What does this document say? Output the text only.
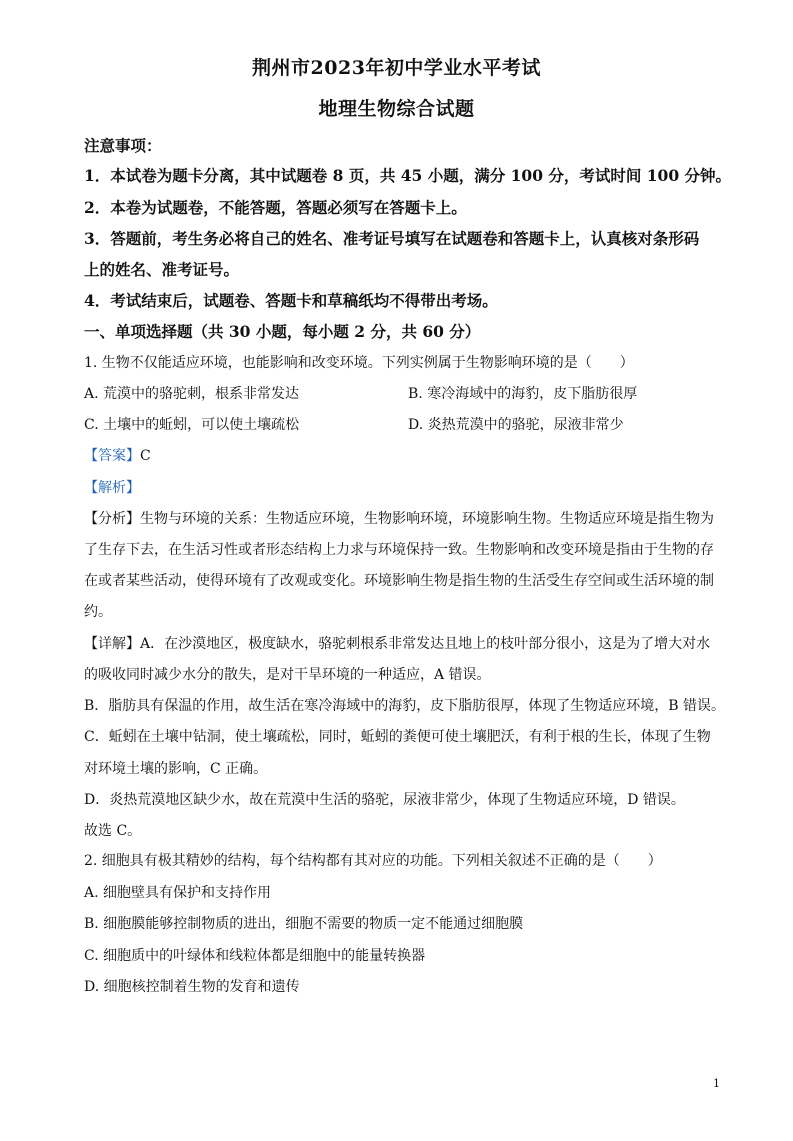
荆州市2023年初中学业水平考试
地理生物综合试题
注意事项：
1．本试卷为题卡分离，其中试题卷 8 页，共 45 小题，满分 100 分，考试时间 100 分钟。
2．本卷为试题卷，不能答题，答题必须写在答题卡上。
3．答题前，考生务必将自己的姓名、准考证号填写在试题卷和答题卡上，认真核对条形码
上的姓名、准考证号。
4．考试结束后，试题卷、答题卡和草稿纸均不得带出考场。
一、单项选择题（共 30 小题，每小题 2 分，共 60 分）
1. 生物不仅能适应环境，也能影响和改变环境。下列实例属于生物影响环境的是（　　）
A. 荒漠中的骆驼刺，根系非常发达	B. 寒冷海域中的海豹，皮下脂肪很厚
C. 土壤中的蚯蚓，可以使土壤疏松	D. 炎热荒漠中的骆驼，尿液非常少
【答案】C
【解析】
【分析】生物与环境的关系：生物适应环境，生物影响环境，环境影响生物。生物适应环境是指生物为
了生存下去，在生活习性或者形态结构上力求与环境保持一致。生物影响和改变环境是指由于生物的存
在或者某些活动，使得环境有了改观或变化。环境影响生物是指生物的生活受生存空间或生活环境的制
约。
【详解】A．在沙漠地区，极度缺水，骆驼刺根系非常发达且地上的枝叶部分很小，这是为了增大对水
的吸收同时减少水分的散失，是对干旱环境的一种适应，A 错误。
B．脂肪具有保温的作用，故生活在寒冷海域中的海豹，皮下脂肪很厚，体现了生物适应环境，B 错误。
C．蚯蚓在土壤中钻洞，使土壤疏松，同时，蚯蚓的粪便可使土壤肥沃，有利于根的生长，体现了生物
对环境土壤的影响，C 正确。
D．炎热荒漠地区缺少水，故在荒漠中生活的骆驼，尿液非常少，体现了生物适应环境，D 错误。
故选 C。
2. 细胞具有极其精妙的结构，每个结构都有其对应的功能。下列相关叙述不正确的是（　　）
A. 细胞壁具有保护和支持作用
B. 细胞膜能够控制物质的进出，细胞不需要的物质一定不能通过细胞膜
C. 细胞质中的叶绿体和线粒体都是细胞中的能量转换器
D. 细胞核控制着生物的发育和遗传
1
